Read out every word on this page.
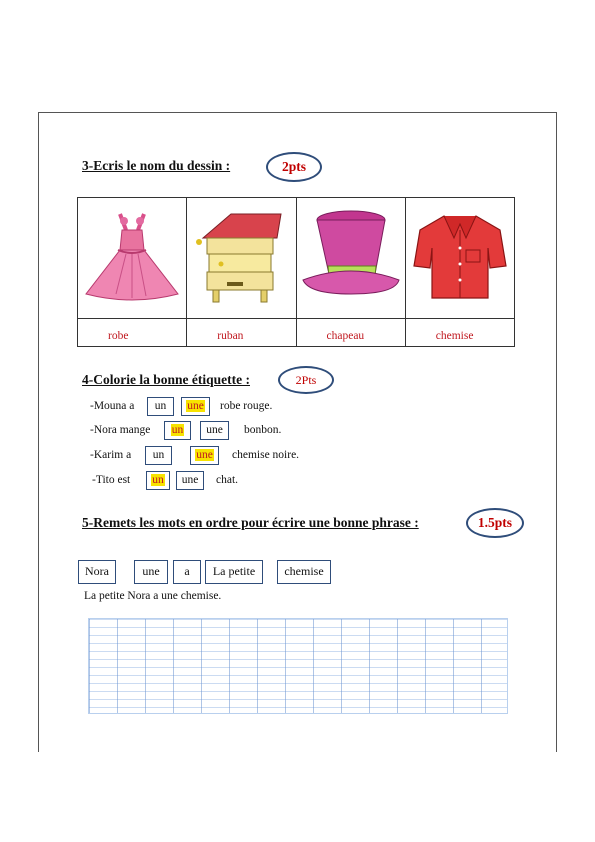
3-Ecris le nom du dessin :	2pts

robe	ruban	chapeau	chemise
4-Colorie la bonne étiquette :	2Pts
-Mouna a	un	une	robe rouge.
-Nora mange	un	une	bonbon.
-Karim a	un	une	chemise noire.
-Tito est	un	une	chat.
5-Remets les mots en ordre pour écrire une bonne phrase :	1.5pts
Nora	une	a	La petite	chemise
La petite Nora a une chemise.
